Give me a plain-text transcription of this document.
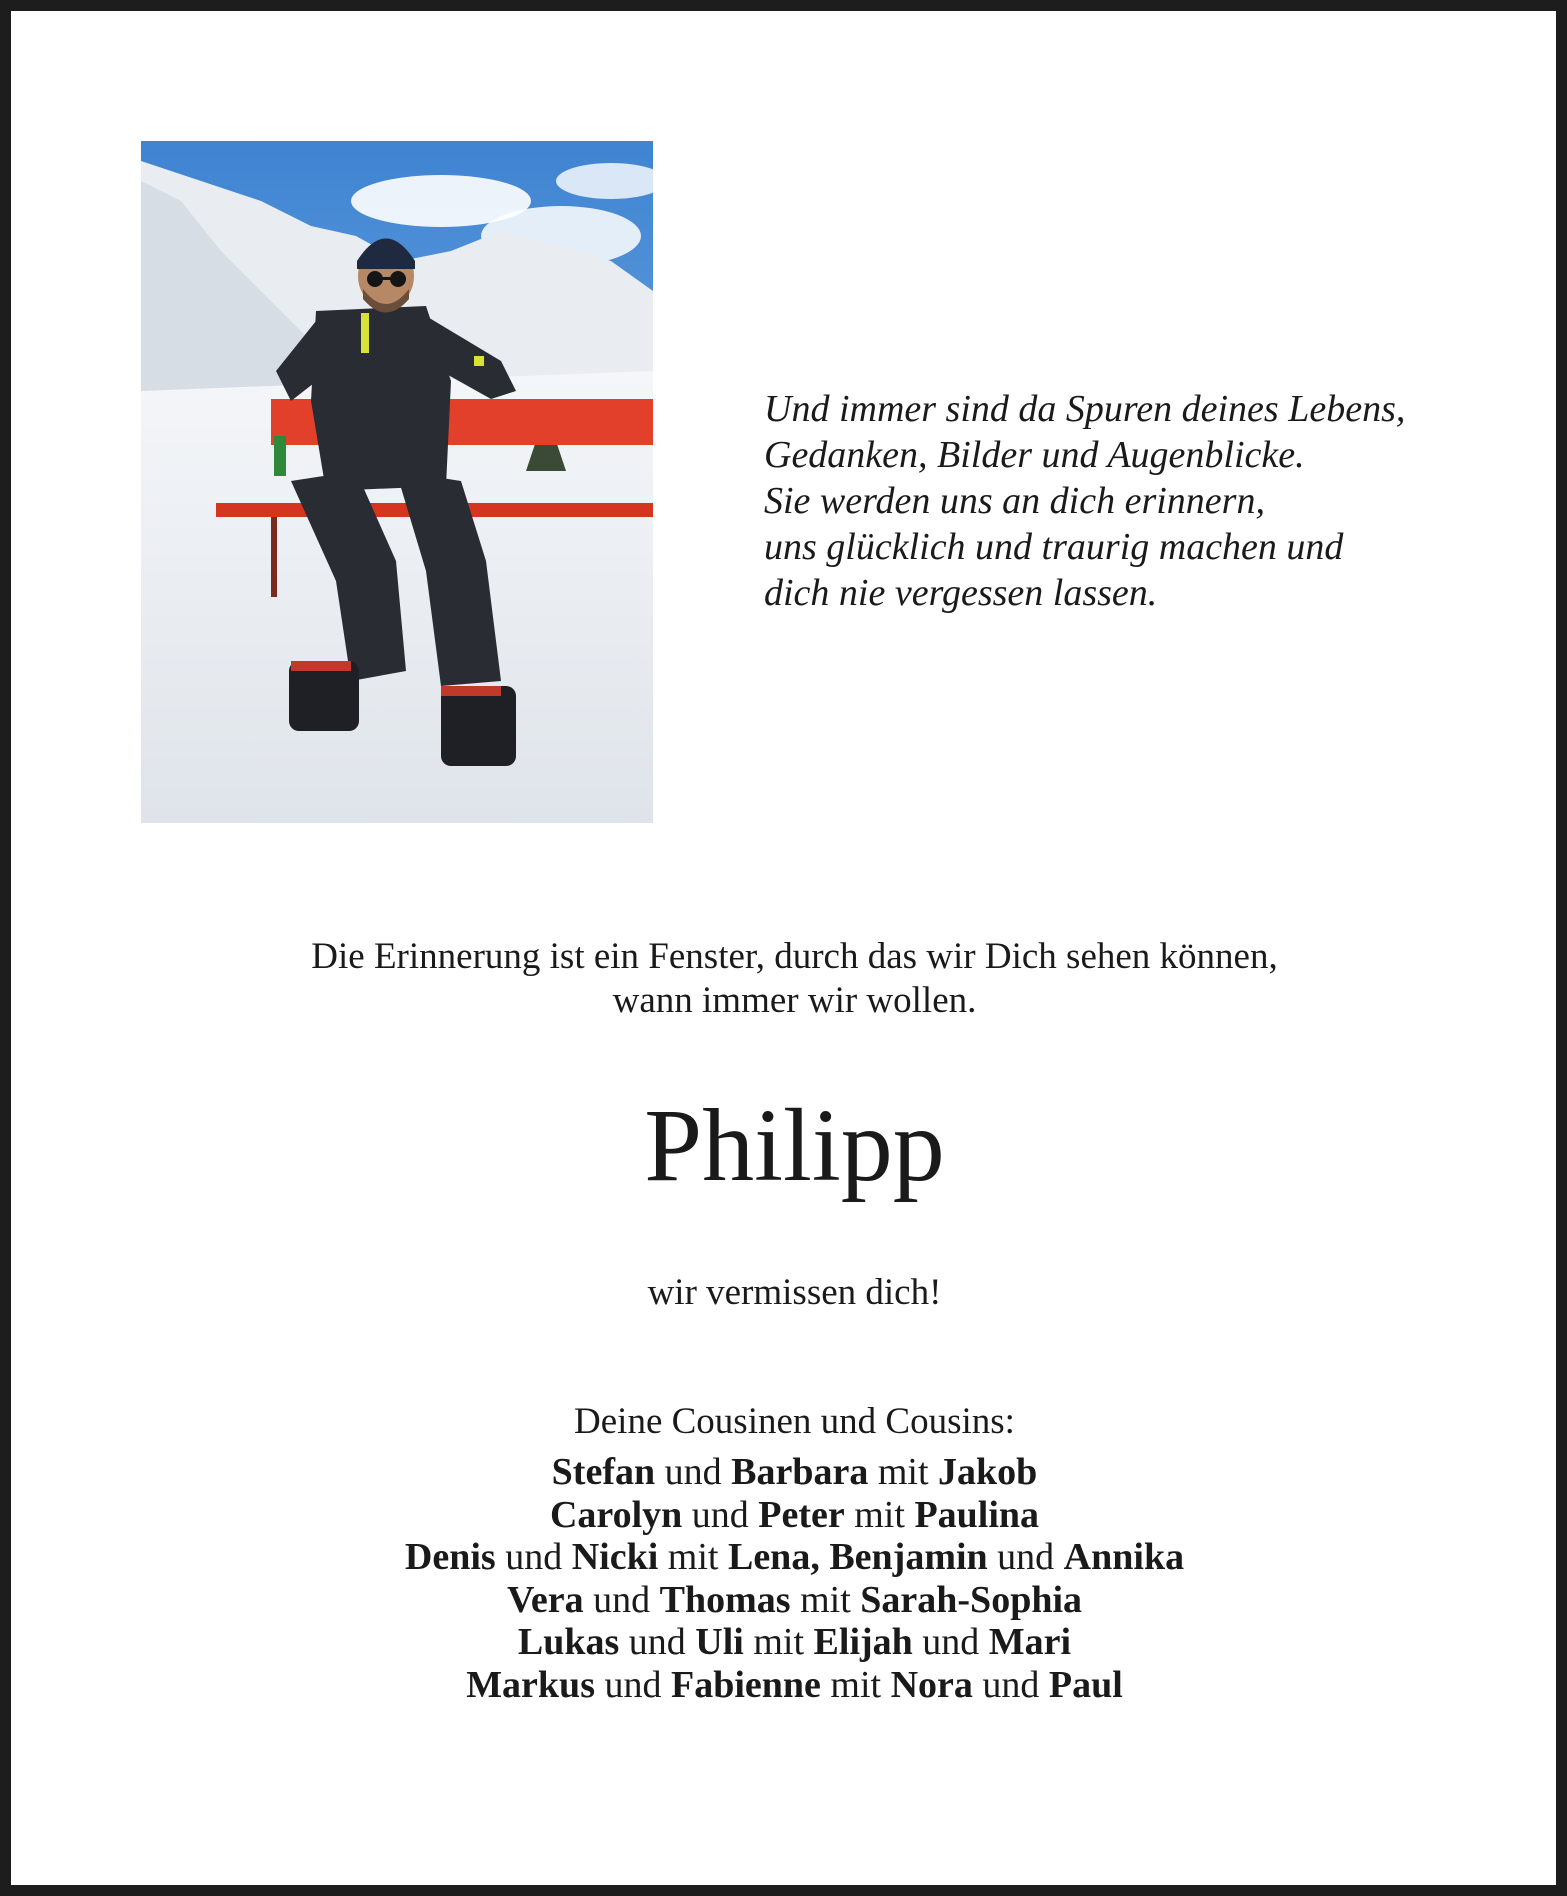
Und immer sind da Spuren deines Lebens,
Gedanken, Bilder und Augenblicke.
Sie werden uns an dich erinnern,
uns glücklich und traurig machen und
dich nie vergessen lassen.
Die Erinnerung ist ein Fenster, durch das wir Dich sehen können,
wann immer wir wollen.
Philipp
wir vermissen dich!
Deine Cousinen und Cousins:
Stefan und Barbara mit Jakob
Carolyn und Peter mit Paulina
Denis und Nicki mit Lena, Benjamin und Annika
Vera und Thomas mit Sarah-Sophia
Lukas und Uli mit Elijah und Mari
Markus und Fabienne mit Nora und Paul
